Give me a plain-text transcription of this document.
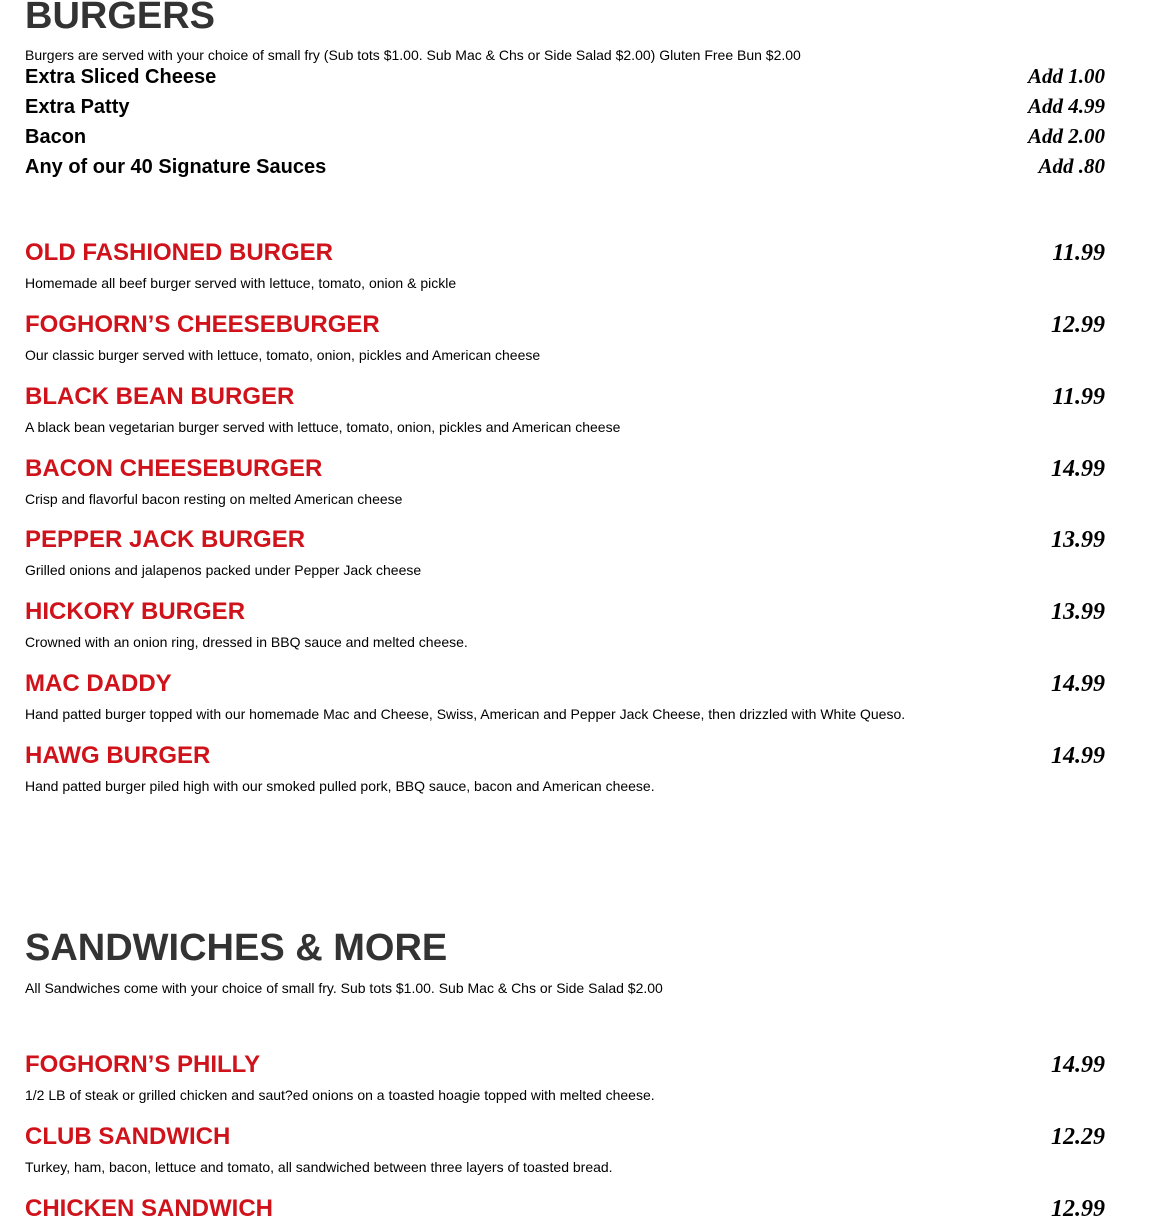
BURGERS
Burgers are served with your choice of small fry (Sub tots $1.00. Sub Mac & Chs or Side Salad $2.00) Gluten Free Bun $2.00
Extra Sliced Cheese	Add 1.00
Extra Patty	Add 4.99
Bacon	Add 2.00
Any of our 40 Signature Sauces	Add .80
OLD FASHIONED BURGER	11.99
Homemade all beef burger served with lettuce, tomato, onion & pickle
FOGHORN’S CHEESEBURGER	12.99
Our classic burger served with lettuce, tomato, onion, pickles and American cheese
BLACK BEAN BURGER	11.99
A black bean vegetarian burger served with lettuce, tomato, onion, pickles and American cheese
BACON CHEESEBURGER	14.99
Crisp and flavorful bacon resting on melted American cheese
PEPPER JACK BURGER	13.99
Grilled onions and jalapenos packed under Pepper Jack cheese
HICKORY BURGER	13.99
Crowned with an onion ring, dressed in BBQ sauce and melted cheese.
MAC DADDY	14.99
Hand patted burger topped with our homemade Mac and Cheese, Swiss, American and Pepper Jack Cheese, then drizzled with White Queso.
HAWG BURGER	14.99
Hand patted burger piled high with our smoked pulled pork, BBQ sauce, bacon and American cheese.
SANDWICHES & MORE
All Sandwiches come with your choice of small fry. Sub tots $1.00. Sub Mac & Chs or Side Salad $2.00
FOGHORN’S PHILLY	14.99
1/2 LB of steak or grilled chicken and saut?ed onions on a toasted hoagie topped with melted cheese.
CLUB SANDWICH	12.29
Turkey, ham, bacon, lettuce and tomato, all sandwiched between three layers of toasted bread.
CHICKEN SANDWICH	12.99
